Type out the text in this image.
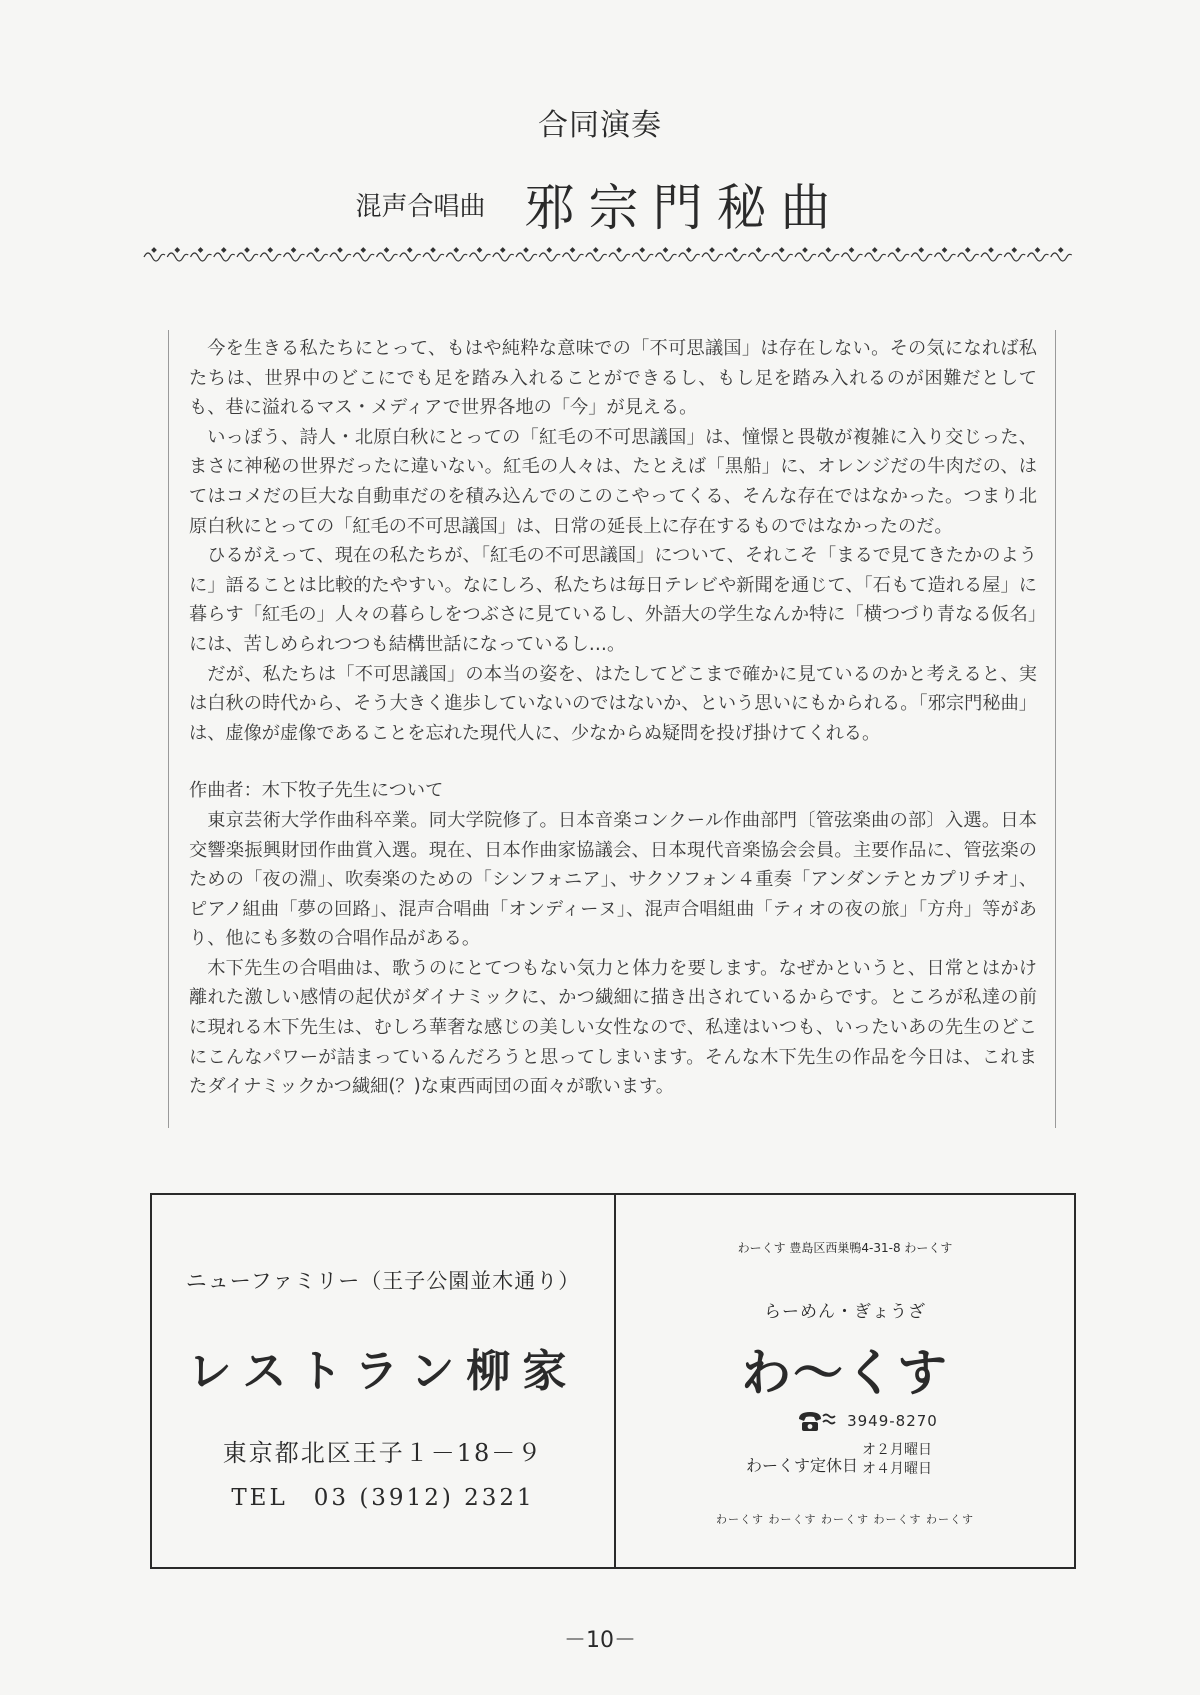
合同演奏
混声合唱曲 邪宗門秘曲

今を生きる私たちにとって、もはや純粋な意味での「不可思議国」は存在しない。その気になれば私たちは、世界中のどこにでも足を踏み入れることができるし、もし足を踏み入れるのが困難だとしても、巷に溢れるマス・メディアで世界各地の「今」が見える。

いっぽう、詩人・北原白秋にとっての「紅毛の不可思議国」は、憧憬と畏敬が複雑に入り交じった、まさに神秘の世界だったに違いない。紅毛の人々は、たとえば「黒船」に、オレンジだの牛肉だの、はてはコメだの巨大な自動車だのを積み込んでのこのこやってくる、そんな存在ではなかった。つまり北原白秋にとっての「紅毛の不可思議国」は、日常の延長上に存在するものではなかったのだ。

ひるがえって、現在の私たちが、「紅毛の不可思議国」について、それこそ「まるで見てきたかのように」語ることは比較的たやすい。なにしろ、私たちは毎日テレビや新聞を通じて、「石もて造れる屋」に暮らす「紅毛の」人々の暮らしをつぶさに見ているし、外語大の学生なんか特に「横つづり青なる仮名」には、苦しめられつつも結構世話になっているし…。

だが、私たちは「不可思議国」の本当の姿を、はたしてどこまで確かに見ているのかと考えると、実は白秋の時代から、そう大きく進歩していないのではないか、という思いにもかられる。「邪宗門秘曲」は、虚像が虚像であることを忘れた現代人に、少なからぬ疑問を投げ掛けてくれる。

作曲者：木下牧子先生について

東京芸術大学作曲科卒業。同大学院修了。日本音楽コンクール作曲部門〔管弦楽曲の部〕入選。日本交響楽振興財団作曲賞入選。現在、日本作曲家協議会、日本現代音楽協会会員。主要作品に、管弦楽のための「夜の淵」、吹奏楽のための「シンフォニア」、サクソフォン４重奏「アンダンテとカプリチオ」、ピアノ組曲「夢の回路」、混声合唱曲「オンディーヌ」、混声合唱組曲「ティオの夜の旅」「方舟」等があり、他にも多数の合唱作品がある。

木下先生の合唱曲は、歌うのにとてつもない気力と体力を要します。なぜかというと、日常とはかけ離れた激しい感情の起伏がダイナミックに、かつ繊細に描き出されているからです。ところが私達の前に現れる木下先生は、むしろ華奢な感じの美しい女性なので、私達はいつも、いったいあの先生のどこにこんなパワーが詰まっているんだろうと思ってしまいます。そんな木下先生の作品を今日は、これまたダイナミックかつ繊細(？)な東西両団の面々が歌います。

ニューファミリー（王子公園並木通り）
レストラン柳家
東京都北区王子１－18－９
TEL　03 (3912) 2321
わーくす 豊島区西巣鴨4-31-8 わーくす
らーめん・ぎょうざ
わ〜くす
3949-8270
わーくす定休日
オ２月曜日
オ４月曜日
わーくす わーくす わーくす わーくす わーくす
－10－
